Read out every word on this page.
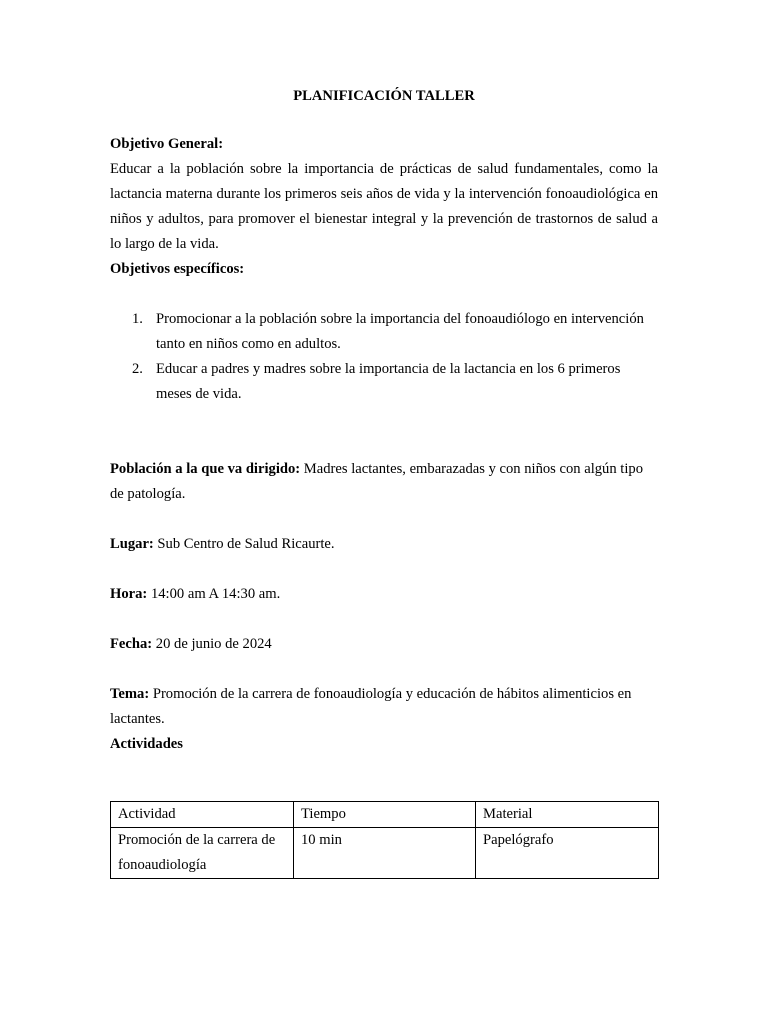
PLANIFICACIÓN TALLER

Objetivo General:

Educar a la población sobre la importancia de prácticas de salud fundamentales, como la lactancia materna durante los primeros seis años de vida y la intervención fonoaudiológica en niños y adultos, para promover el bienestar integral y la prevención de trastornos de salud a lo largo de la vida.

Objetivos específicos:

1. Promocionar a la población sobre la importancia del fonoaudiólogo en intervención tanto en niños como en adultos.
2. Educar a padres y madres sobre la importancia de la lactancia en los 6 primeros meses de vida.

Población a la que va dirigido: Madres lactantes, embarazadas y con niños con algún tipo de patología.

Lugar: Sub Centro de Salud Ricaurte.

Hora: 14:00 am A 14:30 am.

Fecha: 20 de junio de 2024

Tema: Promoción de la carrera de fonoaudiología y educación de hábitos alimenticios en lactantes.

Actividades

Actividad	Tiempo	Material
Promoción de la carrera de fonoaudiología	10 min	Papelógrafo
